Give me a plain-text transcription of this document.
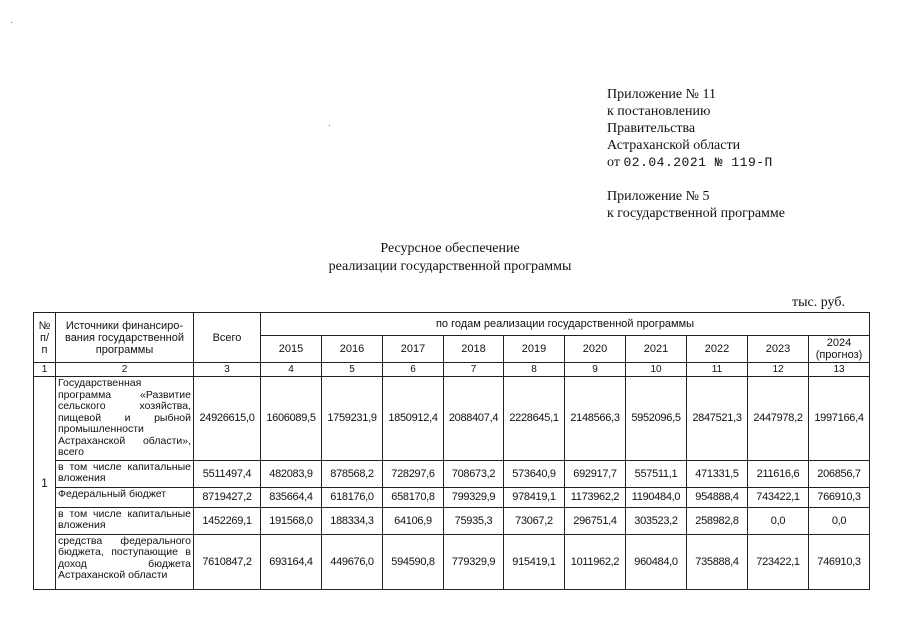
Приложение № 11
к постановлению
Правительства
Астраханской области
от 02.04.2021 № 119-П
Приложение № 5
к государственной программе
Ресурсное обеспечение
реализации государственной программы
тыс. руб.
№ п/ п	Источники финансиро-вания государственной программы	Всего	по годам реализации государственной программы									
			2015	2016	2017	2018	2019	2020	2021	2022	2023	2024 (прогноз)
1	2	3	4	5	6	7	8	9	10	11	12	13
1	Государственная программа «Развитие сельского хозяйства, пищевой и рыбной промышленности Астраханской области», всего	24926615,0	1606089,5	1759231,9	1850912,4	2088407,4	2228645,1	2148566,3	5952096,5	2847521,3	2447978,2	1997166,4
	в том числе капитальные вложения	5511497,4	482083,9	878568,2	728297,6	708673,2	573640,9	692917,7	557511,1	471331,5	211616,6	206856,7
	Федеральный бюджет	8719427,2	835664,4	618176,0	658170,8	799329,9	978419,1	1173962,2	1190484,0	954888,4	743422,1	766910,3
	в том числе капитальные вложения	1452269,1	191568,0	188334,3	64106,9	75935,3	73067,2	296751,4	303523,2	258982,8	0,0	0,0
	средства федерального бюджета, поступающие в доход бюджета Астраханской области	7610847,2	693164,4	449676,0	594590,8	779329,9	915419,1	1011962,2	960484,0	735888,4	723422,1	746910,3
